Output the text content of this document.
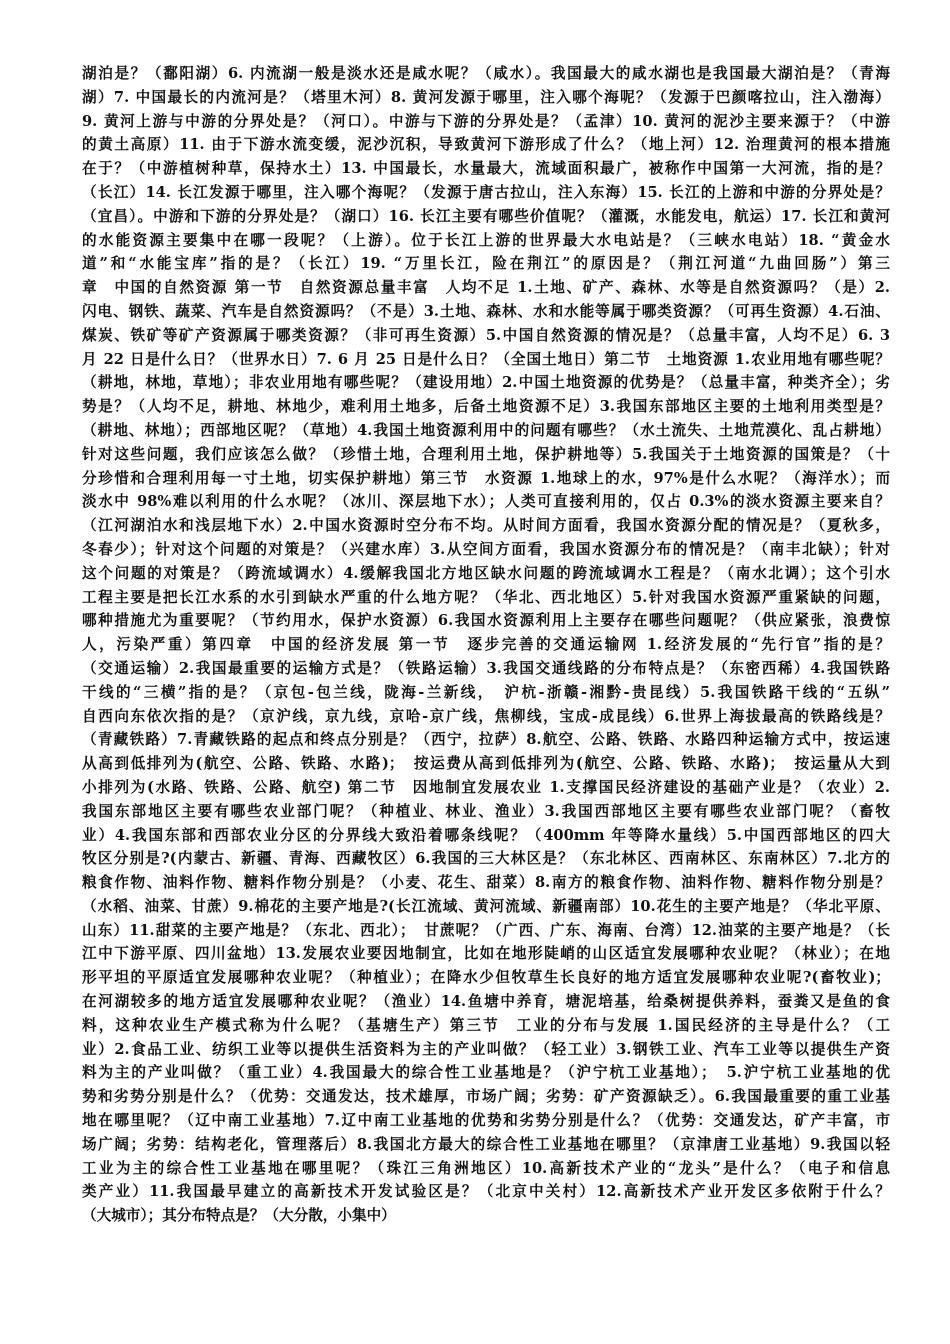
湖泊是？（鄱阳湖）6. 内流湖一般是淡水还是咸水呢？（咸水）。我国最大的咸水湖也是我国最大湖泊是？（青海
湖）7. 中国最长的内流河是？（塔里木河）8. 黄河发源于哪里，注入哪个海呢？（发源于巴颜喀拉山，注入渤海）
9. 黄河上游与中游的分界处是？（河口）。中游与下游的分界处是？（孟津）10. 黄河的泥沙主要来源于？（中游
的黄土高原）11. 由于下游水流变缓，泥沙沉积，导致黄河下游形成了什么？（地上河）12. 治理黄河的根本措施
在于？（中游植树种草，保持水土）13. 中国最长，水量最大，流域面积最广，被称作中国第一大河流，指的是？
（长江）14. 长江发源于哪里，注入哪个海呢？（发源于唐古拉山，注入东海）15. 长江的上游和中游的分界处是？
（宜昌）。中游和下游的分界处是？（湖口）16. 长江主要有哪些价值呢？（灌溉，水能发电，航运）17. 长江和黄河
的水能资源主要集中在哪一段呢？（上游）。位于长江上游的世界最大水电站是？（三峡水电站）18. “黄金水
道”和“水能宝库”指的是？（长江）19. “万里长江，险在荆江”的原因是？（荆江河道“九曲回肠”）第三
章　中国的自然资源 第一节　自然资源总量丰富　人均不足 1.土地、矿产、森林、水等是自然资源吗？（是）2.
闪电、钢铁、蔬菜、汽车是自然资源吗？（不是）3.土地、森林、水和水能等属于哪类资源？（可再生资源）4.石油、
煤炭、铁矿等矿产资源属于哪类资源？（非可再生资源）5.中国自然资源的情况是？（总量丰富，人均不足）6. 3
月 22 日是什么日？（世界水日）7. 6 月 25 日是什么日？（全国土地日）第二节　土地资源 1.农业用地有哪些呢？
（耕地，林地，草地）；非农业用地有哪些呢？（建设用地）2.中国土地资源的优势是？（总量丰富，种类齐全）；劣
势是？（人均不足，耕地、林地少，难利用土地多，后备土地资源不足）3.我国东部地区主要的土地利用类型是？
（耕地、林地）；西部地区呢？（草地）4.我国土地资源利用中的问题有哪些？（水土流失、土地荒漠化、乱占耕地）
针对这些问题，我们应该怎么做？（珍惜土地，合理利用土地，保护耕地等）5.我国关于土地资源的国策是？（十
分珍惜和合理利用每一寸土地，切实保护耕地）第三节　水资源 1.地球上的水，97%是什么水呢？（海洋水）；而
淡水中 98%难以利用的什么水呢？（冰川、深层地下水）；人类可直接利用的，仅占 0.3%的淡水资源主要来自？
（江河湖泊水和浅层地下水）2.中国水资源时空分布不均。从时间方面看，我国水资源分配的情况是？（夏秋多，
冬春少）；针对这个问题的对策是？（兴建水库）3.从空间方面看，我国水资源分布的情况是？（南丰北缺）；针对
这个问题的对策是？（跨流域调水）4.缓解我国北方地区缺水问题的跨流域调水工程是？（南水北调）；这个引水
工程主要是把长江水系的水引到缺水严重的什么地方呢？（华北、西北地区）5.针对我国水资源严重紧缺的问题，
哪种措施尤为重要呢？（节约用水，保护水资源）6.我国水资源利用上主要存在哪些问题呢？（供应紧张，浪费惊
人，污染严重）第四章　中国的经济发展 第一节　逐步完善的交通运输网 1.经济发展的“先行官”指的是？
（交通运输）2.我国最重要的运输方式是？（铁路运输）3.我国交通线路的分布特点是？（东密西稀）4.我国铁路
干线的“三横”指的是？（京包-包兰线，陇海-兰新线，　沪杭-浙赣-湘黔-贵昆线）5.我国铁路干线的“五纵”
自西向东依次指的是？（京沪线，京九线，京哈-京广线，焦柳线，宝成-成昆线）6.世界上海拔最高的铁路线是？
（青藏铁路）7.青藏铁路的起点和终点分别是？（西宁，拉萨）8.航空、公路、铁路、水路四种运输方式中，按运速
从高到低排列为(航空、公路、铁路、水路)；　按运费从高到低排列为(航空、公路、铁路、水路)；　按运量从大到
小排列为(水路、铁路、公路、航空) 第二节　因地制宜发展农业 1.支撑国民经济建设的基础产业是？（农业）2.
我国东部地区主要有哪些农业部门呢？（种植业、林业、渔业）3.我国西部地区主要有哪些农业部门呢？（畜牧
业）4.我国东部和西部农业分区的分界线大致沿着哪条线呢？（400mm 年等降水量线）5.中国西部地区的四大
牧区分别是?(内蒙古、新疆、青海、西藏牧区）6.我国的三大林区是？（东北林区、西南林区、东南林区）7.北方的
粮食作物、油料作物、糖料作物分别是？（小麦、花生、甜菜）8.南方的粮食作物、油料作物、糖料作物分别是？
（水稻、油菜、甘蔗）9.棉花的主要产地是?(长江流域、黄河流域、新疆南部）10.花生的主要产地是？（华北平原、
山东）11.甜菜的主要产地是？（东北、西北）；　甘蔗呢？（广西、广东、海南、台湾）12.油菜的主要产地是？（长
江中下游平原、四川盆地）13.发展农业要因地制宜，比如在地形陡峭的山区适宜发展哪种农业呢？（林业）；在地
形平坦的平原适宜发展哪种农业呢？（种植业）；在降水少但牧草生长良好的地方适宜发展哪种农业呢?(畜牧业)；
在河湖较多的地方适宜发展哪种农业呢？（渔业）14.鱼塘中养育，塘泥培基，给桑树提供养料，蚕粪又是鱼的食
料，这种农业生产模式称为什么呢？（基塘生产）第三节　工业的分布与发展 1.国民经济的主导是什么？（工
业）2.食品工业、纺织工业等以提供生活资料为主的产业叫做？（轻工业）3.钢铁工业、汽车工业等以提供生产资
料为主的产业叫做？（重工业）4.我国最大的综合性工业基地是？（沪宁杭工业基地）；　5.沪宁杭工业基地的优
势和劣势分别是什么？（优势：交通发达，技术雄厚，市场广阔；劣势：矿产资源缺乏）。6.我国最重要的重工业基
地在哪里呢？（辽中南工业基地）7.辽中南工业基地的优势和劣势分别是什么？（优势：交通发达，矿产丰富，市
场广阔；劣势：结构老化，管理落后）8.我国北方最大的综合性工业基地在哪里？（京津唐工业基地）9.我国以轻
工业为主的综合性工业基地在哪里呢？（珠江三角洲地区）10.高新技术产业的“龙头”是什么？（电子和信息
类产业）11.我国最早建立的高新技术开发试验区是？（北京中关村）12.高新技术产业开发区多依附于什么？
（大城市）；其分布特点是？（大分散，小集中）
